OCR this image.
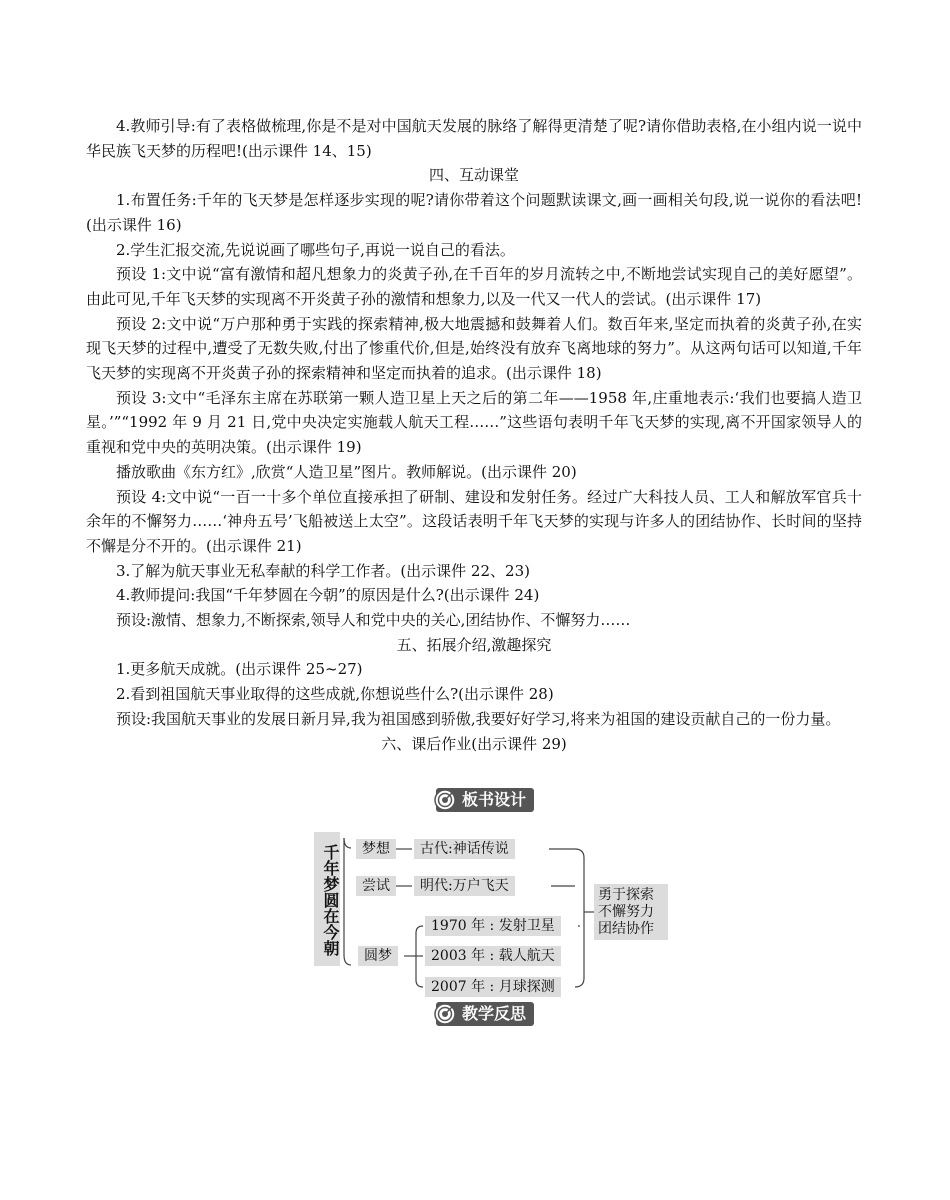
4.教师引导:有了表格做梳理,你是不是对中国航天发展的脉络了解得更清楚了呢?请你借助表格,在小组内说一说中华民族飞天梦的历程吧!(出示课件 14、15)

四、互动课堂

1.布置任务:千年的飞天梦是怎样逐步实现的呢?请你带着这个问题默读课文,画一画相关句段,说一说你的看法吧!(出示课件 16)

2.学生汇报交流,先说说画了哪些句子,再说一说自己的看法。

预设 1:文中说“富有激情和超凡想象力的炎黄子孙,在千百年的岁月流转之中,不断地尝试实现自己的美好愿望”。由此可见,千年飞天梦的实现离不开炎黄子孙的激情和想象力,以及一代又一代人的尝试。(出示课件 17)

预设 2:文中说“万户那种勇于实践的探索精神,极大地震撼和鼓舞着人们。数百年来,坚定而执着的炎黄子孙,在实现飞天梦的过程中,遭受了无数失败,付出了惨重代价,但是,始终没有放弃飞离地球的努力”。从这两句话可以知道,千年飞天梦的实现离不开炎黄子孙的探索精神和坚定而执着的追求。(出示课件 18)

预设 3:文中“毛泽东主席在苏联第一颗人造卫星上天之后的第二年——1958 年,庄重地表示:‘我们也要搞人造卫星。’”“1992 年 9 月 21 日,党中央决定实施载人航天工程……”这些语句表明千年飞天梦的实现,离不开国家领导人的重视和党中央的英明决策。(出示课件 19)

播放歌曲《东方红》,欣赏“人造卫星”图片。教师解说。(出示课件 20)

预设 4:文中说“一百一十多个单位直接承担了研制、建设和发射任务。经过广大科技人员、工人和解放军官兵十余年的不懈努力……‘神舟五号’飞船被送上太空”。这段话表明千年飞天梦的实现与许多人的团结协作、长时间的坚持不懈是分不开的。(出示课件 21)

3.了解为航天事业无私奉献的科学工作者。(出示课件 22、23)

4.教师提问:我国“千年梦圆在今朝”的原因是什么?(出示课件 24)

预设:激情、想象力,不断探索,领导人和党中央的关心,团结协作、不懈努力……

五、拓展介绍,激趣探究

1.更多航天成就。(出示课件 25~27)

2.看到祖国航天事业取得的这些成就,你想说些什么?(出示课件 28)

预设:我国航天事业的发展日新月异,我为祖国感到骄傲,我要好好学习,将来为祖国的建设贡献自己的一份力量。

六、课后作业(出示课件 29)

板书设计
千年梦圆在今朝	梦想	古代:神话传说
尝试	明代:万户飞天
圆梦
1970 年 : 发射卫星
2003 年 : 载人航天
2007 年 : 月球探测
勇于探索
不懈努力
团结协作
教学反思
